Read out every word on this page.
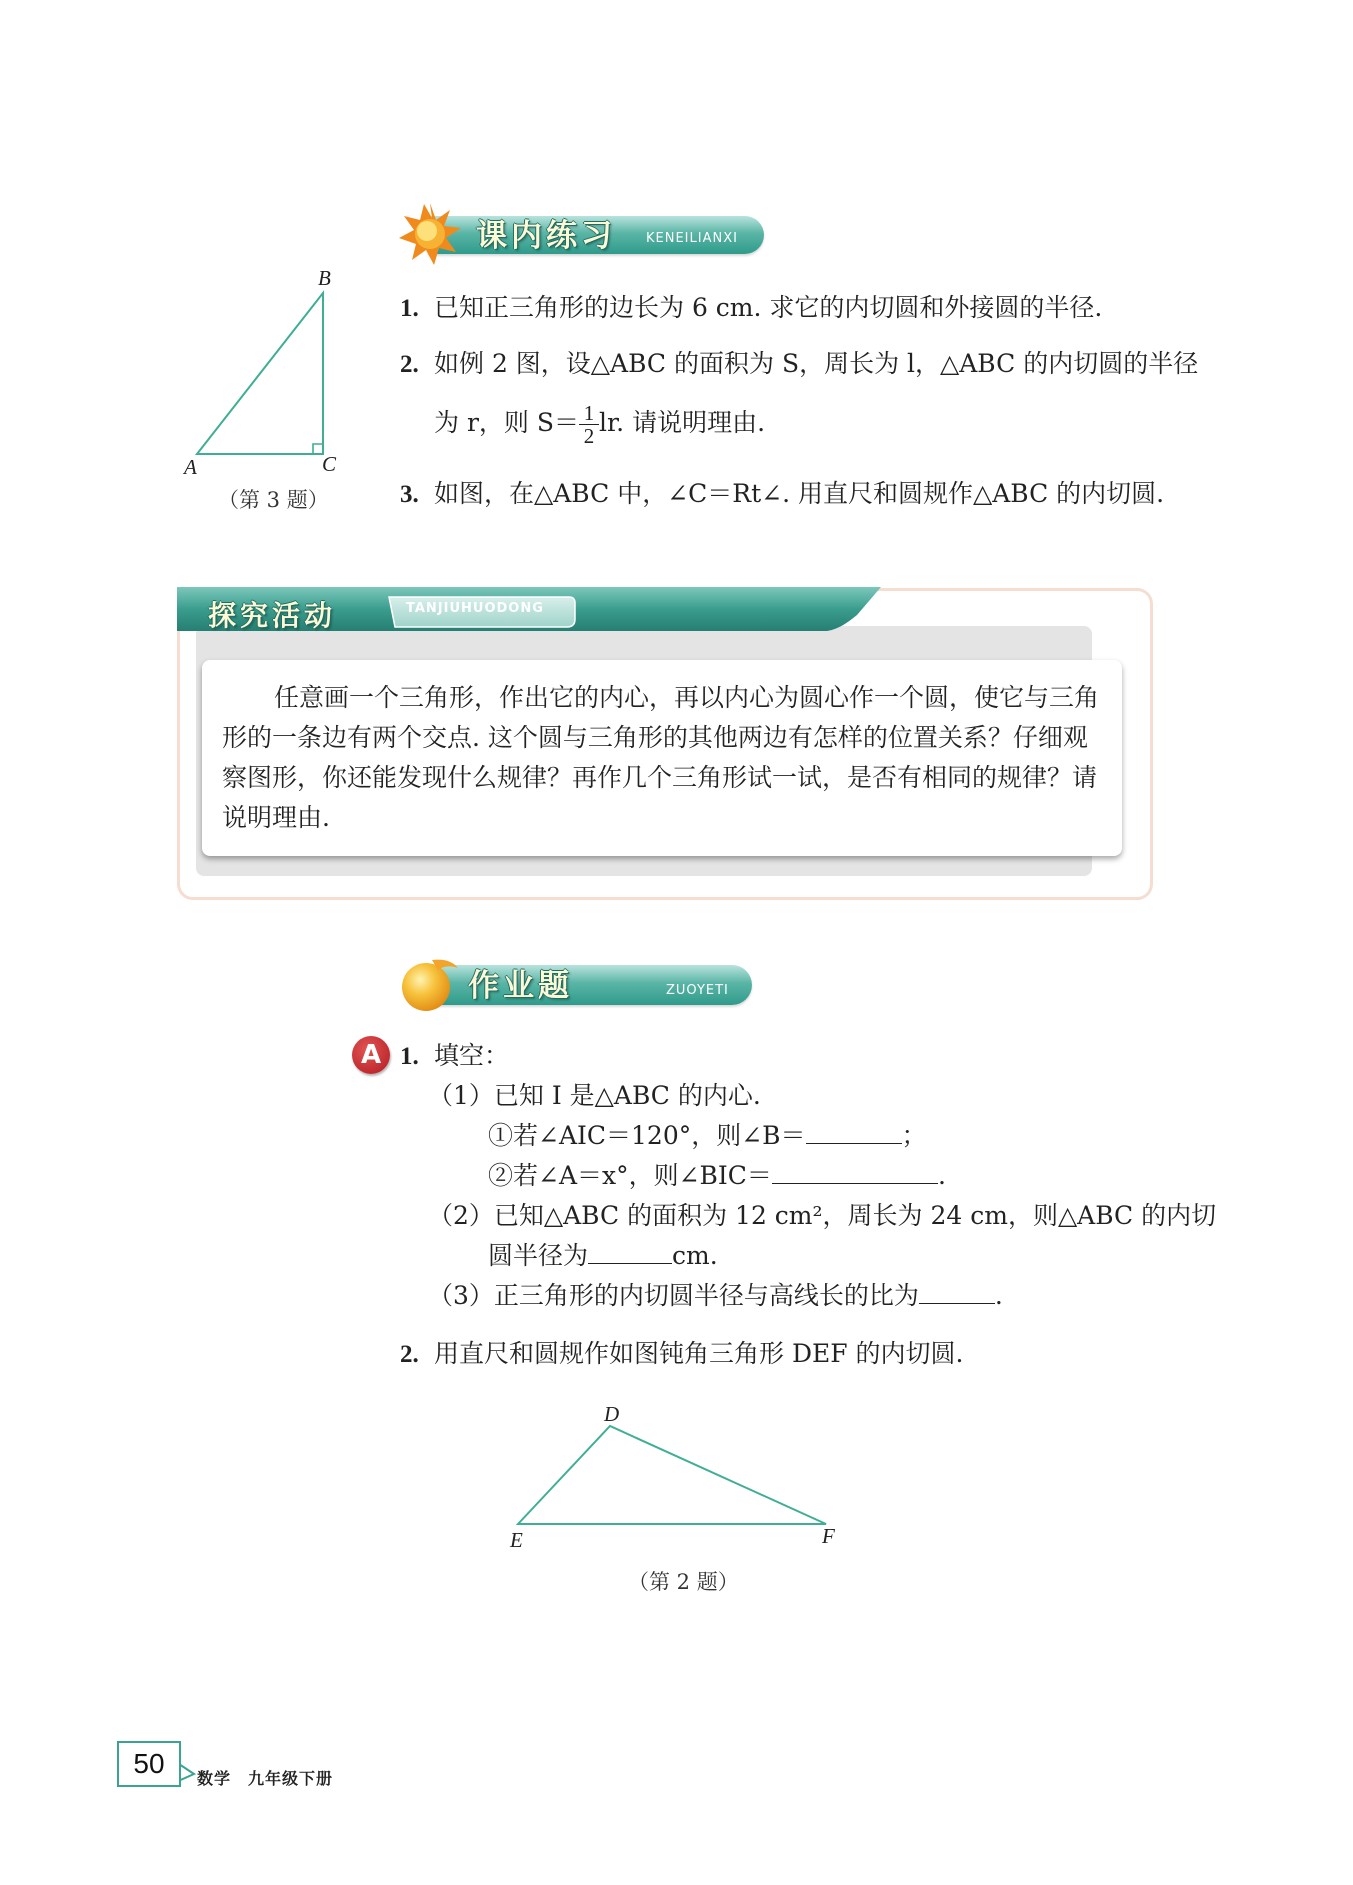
课内练习 KENEILIANXI
A
B
C
（第 3 题）
1. 已知正三角形的边长为 6 cm. 求它的内切圆和外接圆的半径.
2. 如例 2 图，设△ABC 的面积为 S，周长为 l，△ABC 的内切圆的半径
为 r，则 $S= \frac{1}{2}$ lr. 请说明理由.
3. 如图，在△ABC 中，∠C＝Rt∠. 用直尺和圆规作△ABC 的内切圆.
探究活动	TANJIUHUODONG
任意画一个三角形，作出它的内心，再以内心为圆心作一个圆，使它与三角形的一条边有两个交点. 这个圆与三角形的其他两边有怎样的位置关系？仔细观察图形，你还能发现什么规律？再作几个三角形试一试，是否有相同的规律？请说明理由.
作业题	ZUOYETI
A 1. 填空：
（1）已知 I 是△ABC 的内心.
①若∠AIC＝120°，则∠B＝	；
②若∠A＝x°，则∠BIC＝	.
（2）已知△ABC 的面积为 12 cm²，周长为 24 cm，则△ABC 的内切
圆半径为	cm.
（3）正三角形的内切圆半径与高线长的比为	.
2. 用直尺和圆规作如图钝角三角形 DEF 的内切圆.
D
E	F
（第 2 题）
50	数学　九年级下册
